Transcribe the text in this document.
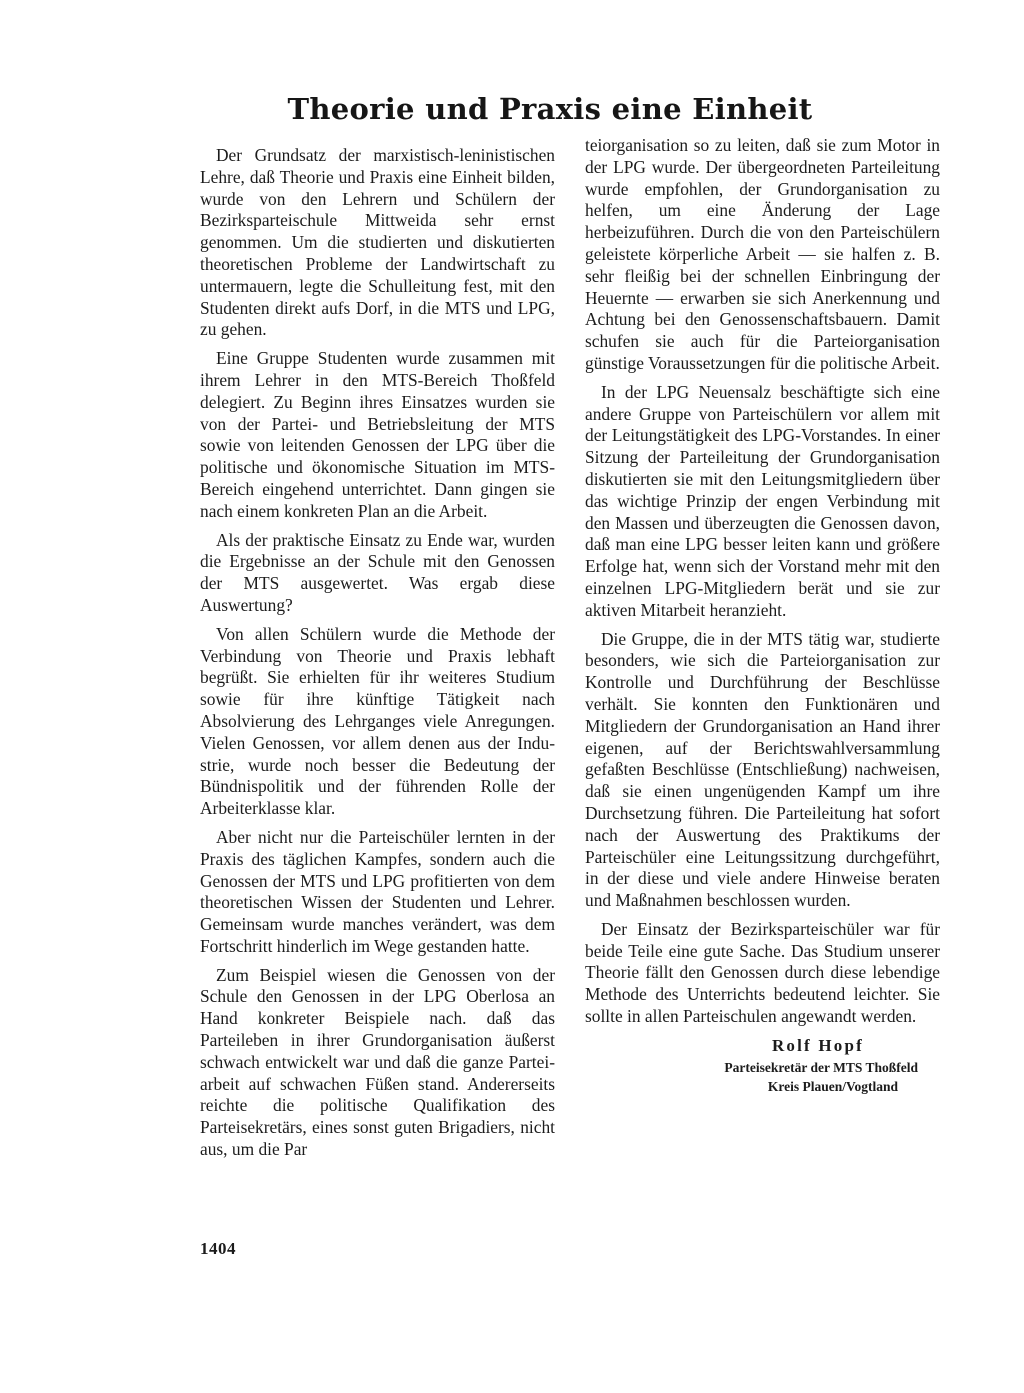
Theorie und Praxis eine Einheit

Der Grundsatz der marxistisch-leninistischen Lehre, daß Theorie und Praxis eine Einheit bilden, wurde von den Lehrern und Schülern der Bezirksparteischule Mittweida sehr ernst genommen. Um die studierten und diskutierten theoretischen Probleme der Landwirtschaft zu untermauern, legte die Schulleitung fest, mit den Studenten direkt aufs Dorf, in die MTS und LPG, zu gehen.

Eine Gruppe Studenten wurde zusammen mit ihrem Lehrer in den MTS-Bereich Thoßfeld delegiert. Zu Beginn ihres Einsatzes wurden sie von der Partei- und Betriebsleitung der MTS sowie von leitenden Genossen der LPG über die politische und ökonomische Situation im MTS-Bereich eingehend unterrichtet. Dann gingen sie nach einem konkreten Plan an die Arbeit.

Als der praktische Einsatz zu Ende war, wurden die Ergebnisse an der Schule mit den Genossen der MTS ausgewertet. Was ergab diese Auswertung?

Von allen Schülern wurde die Methode der Verbindung von Theorie und Praxis lebhaft begrüßt. Sie erhielten für ihr weiteres Studium sowie für ihre künftige Tätigkeit nach Absolvierung des Lehrganges viele Anregungen. Vielen Genossen, vor allem denen aus der Industrie, wurde noch besser die Bedeutung der Bündnispolitik und der führenden Rolle der Arbeiterklasse klar.

Aber nicht nur die Parteischüler lernten in der Praxis des täglichen Kampfes, sondern auch die Genossen der MTS und LPG profitierten von dem theoretischen Wissen der Studenten und Lehrer. Gemeinsam wurde manches verändert, was dem Fortschritt hinderlich im Wege gestanden hatte.

Zum Beispiel wiesen die Genossen von der Schule den Genossen in der LPG Oberlosa an Hand konkreter Beispiele nach. daß das Parteileben in ihrer Grundorganisation äußerst schwach entwickelt war und daß die ganze Parteiarbeit auf schwachen Füßen stand. Andererseits reichte die politische Qualifikation des Parteisekretärs, eines sonst guten Brigadiers, nicht aus, um die Par

teiorganisation so zu leiten, daß sie zum Motor in der LPG wurde. Der übergeordneten Parteileitung wurde empfohlen, der Grundorganisation zu helfen, um eine Änderung der Lage herbeizuführen. Durch die von den Parteischülern geleistete körperliche Arbeit — sie halfen z. B. sehr fleißig bei der schnellen Einbringung der Heuernte — erwarben sie sich Anerkennung und Achtung bei den Genossenschaftsbauern. Damit schufen sie auch für die Parteiorganisation günstige Voraussetzungen für die politische Arbeit.

In der LPG Neuensalz beschäftigte sich eine andere Gruppe von Parteischülern vor allem mit der Leitungstätigkeit des LPG-Vorstandes. In einer Sitzung der Parteileitung der Grundorganisation diskutierten sie mit den Leitungsmitgliedern über das wichtige Prinzip der engen Verbindung mit den Massen und überzeugten die Genossen davon, daß man eine LPG besser leiten kann und größere Erfolge hat, wenn sich der Vorstand mehr mit den einzelnen LPG-Mitgliedern berät und sie zur aktiven Mitarbeit heranzieht.

Die Gruppe, die in der MTS tätig war, studierte besonders, wie sich die Parteiorganisation zur Kontrolle und Durchführung der Beschlüsse verhält. Sie konnten den Funktionären und Mitgliedern der Grundorganisation an Hand ihrer eigenen, auf der Berichtswahlversammlung gefaßten Beschlüsse (Entschließung) nachweisen, daß sie einen ungenügenden Kampf um ihre Durchsetzung führen. Die Parteileitung hat sofort nach der Auswertung des Praktikums der Parteischüler eine Leitungssitzung durchgeführt, in der diese und viele andere Hinweise beraten und Maßnahmen beschlossen wurden.

Der Einsatz der Bezirksparteischüler war für beide Teile eine gute Sache. Das Studium unserer Theorie fällt den Genossen durch diese lebendige Methode des Unterrichts bedeutend leichter. Sie sollte in allen Parteischulen angewandt werden.

Rolf Hopf
Parteisekretär der MTS Thoßfeld
Kreis Plauen/Vogtland
1404
